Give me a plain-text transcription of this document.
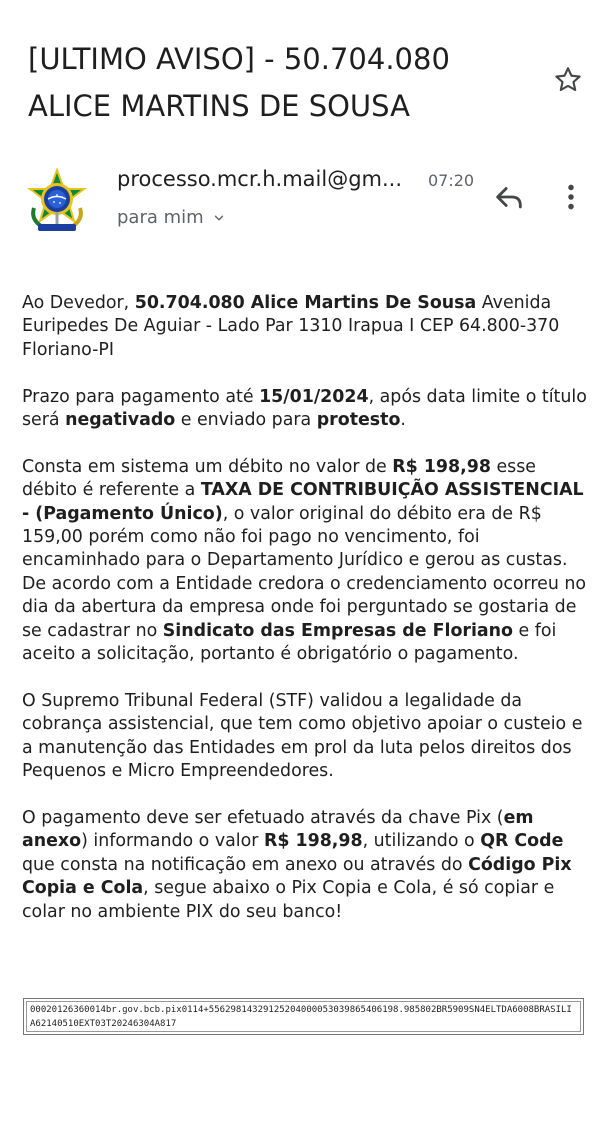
[ULTIMO AVISO] - 50.704.080
ALICE MARTINS DE SOUSA
processo.mcr.h.mail@gm... 07:20
para mim

Ao Devedor, 50.704.080 Alice Martins De Sousa Avenida Euripedes De Aguiar - Lado Par 1310 Irapua I CEP 64.800-370 Floriano-PI

Prazo para pagamento até 15/01/2024, após data limite o título será negativado e enviado para protesto.

Consta em sistema um débito no valor de R$ 198,98 esse débito é referente a TAXA DE CONTRIBUIÇÃO ASSISTENCIAL - (Pagamento Único), o valor original do débito era de R$ 159,00 porém como não foi pago no vencimento, foi encaminhado para o Departamento Jurídico e gerou as custas.

De acordo com a Entidade credora o credenciamento ocorreu no dia da abertura da empresa onde foi perguntado se gostaria de se cadastrar no Sindicato das Empresas de Floriano e foi aceito a solicitação, portanto é obrigatório o pagamento.

O Supremo Tribunal Federal (STF) validou a legalidade da cobrança assistencial, que tem como objetivo apoiar o custeio e a manutenção das Entidades em prol da luta pelos direitos dos Pequenos e Micro Empreendedores.

O pagamento deve ser efetuado através da chave Pix (em anexo) informando o valor R$ 198,98, utilizando o QR Code que consta na notificação em anexo ou através do Código Pix Copia e Cola, segue abaixo o Pix Copia e Cola, é só copiar e colar no ambiente PIX do seu banco!

00020126360014br.gov.bcb.pix0114+5562981432912520400005303986540619​8.985802BR5909SN4ELTDA6008BRASILIA62140510EXT03T20246304A817
